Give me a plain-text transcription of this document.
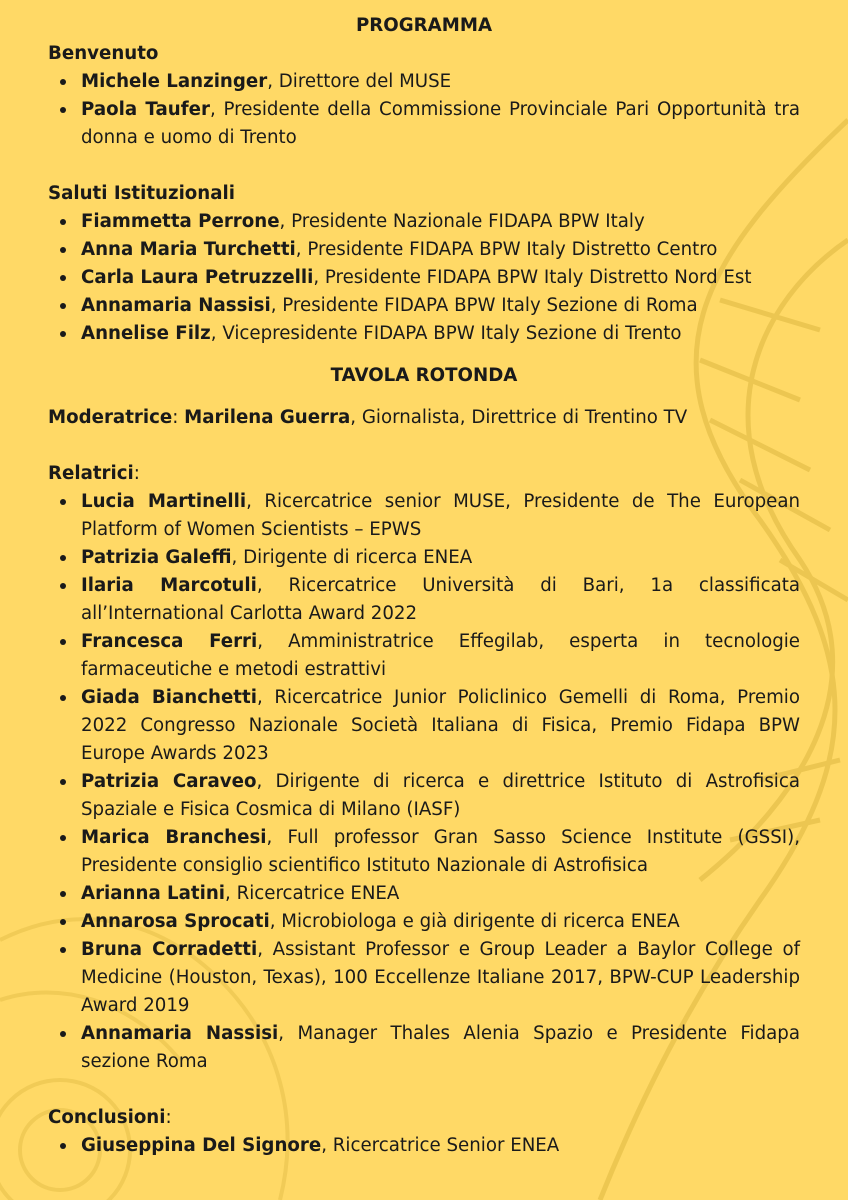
PROGRAMMA

Benvenuto

Michele Lanzinger, Direttore del MUSE
Paola Taufer, Presidente della Commissione Provinciale Pari Opportunità tra donna e uomo di Trento

Saluti Istituzionali

Fiammetta Perrone, Presidente Nazionale FIDAPA BPW Italy
Anna Maria Turchetti, Presidente FIDAPA BPW Italy Distretto Centro
Carla Laura Petruzzelli, Presidente FIDAPA BPW Italy Distretto Nord Est
Annamaria Nassisi, Presidente FIDAPA BPW Italy Sezione di Roma
Annelise Filz, Vicepresidente FIDAPA BPW Italy Sezione di Trento

TAVOLA ROTONDA

Moderatrice: Marilena Guerra, Giornalista, Direttrice di Trentino TV

Relatrici:

Lucia Martinelli, Ricercatrice senior MUSE, Presidente de The European Platform of Women Scientists – EPWS
Patrizia Galeffi, Dirigente di ricerca ENEA
Ilaria Marcotuli, Ricercatrice Università di Bari, 1a classificata all’International Carlotta Award 2022
Francesca Ferri, Amministratrice Effegilab, esperta in tecnologie farmaceutiche e metodi estrattivi
Giada Bianchetti, Ricercatrice Junior Policlinico Gemelli di Roma, Premio 2022 Congresso Nazionale Società Italiana di Fisica, Premio Fidapa BPW Europe Awards 2023
Patrizia Caraveo, Dirigente di ricerca e direttrice Istituto di Astrofisica Spaziale e Fisica Cosmica di Milano (IASF)
Marica Branchesi, Full professor Gran Sasso Science Institute (GSSI), Presidente consiglio scientifico Istituto Nazionale di Astrofisica
Arianna Latini, Ricercatrice ENEA
Annarosa Sprocati, Microbiologa e già dirigente di ricerca ENEA
Bruna Corradetti, Assistant Professor e Group Leader a Baylor College of Medicine (Houston, Texas), 100 Eccellenze Italiane 2017, BPW-CUP Leadership Award 2019
Annamaria Nassisi, Manager Thales Alenia Spazio e Presidente Fidapa sezione Roma

Conclusioni:

Giuseppina Del Signore, Ricercatrice Senior ENEA
